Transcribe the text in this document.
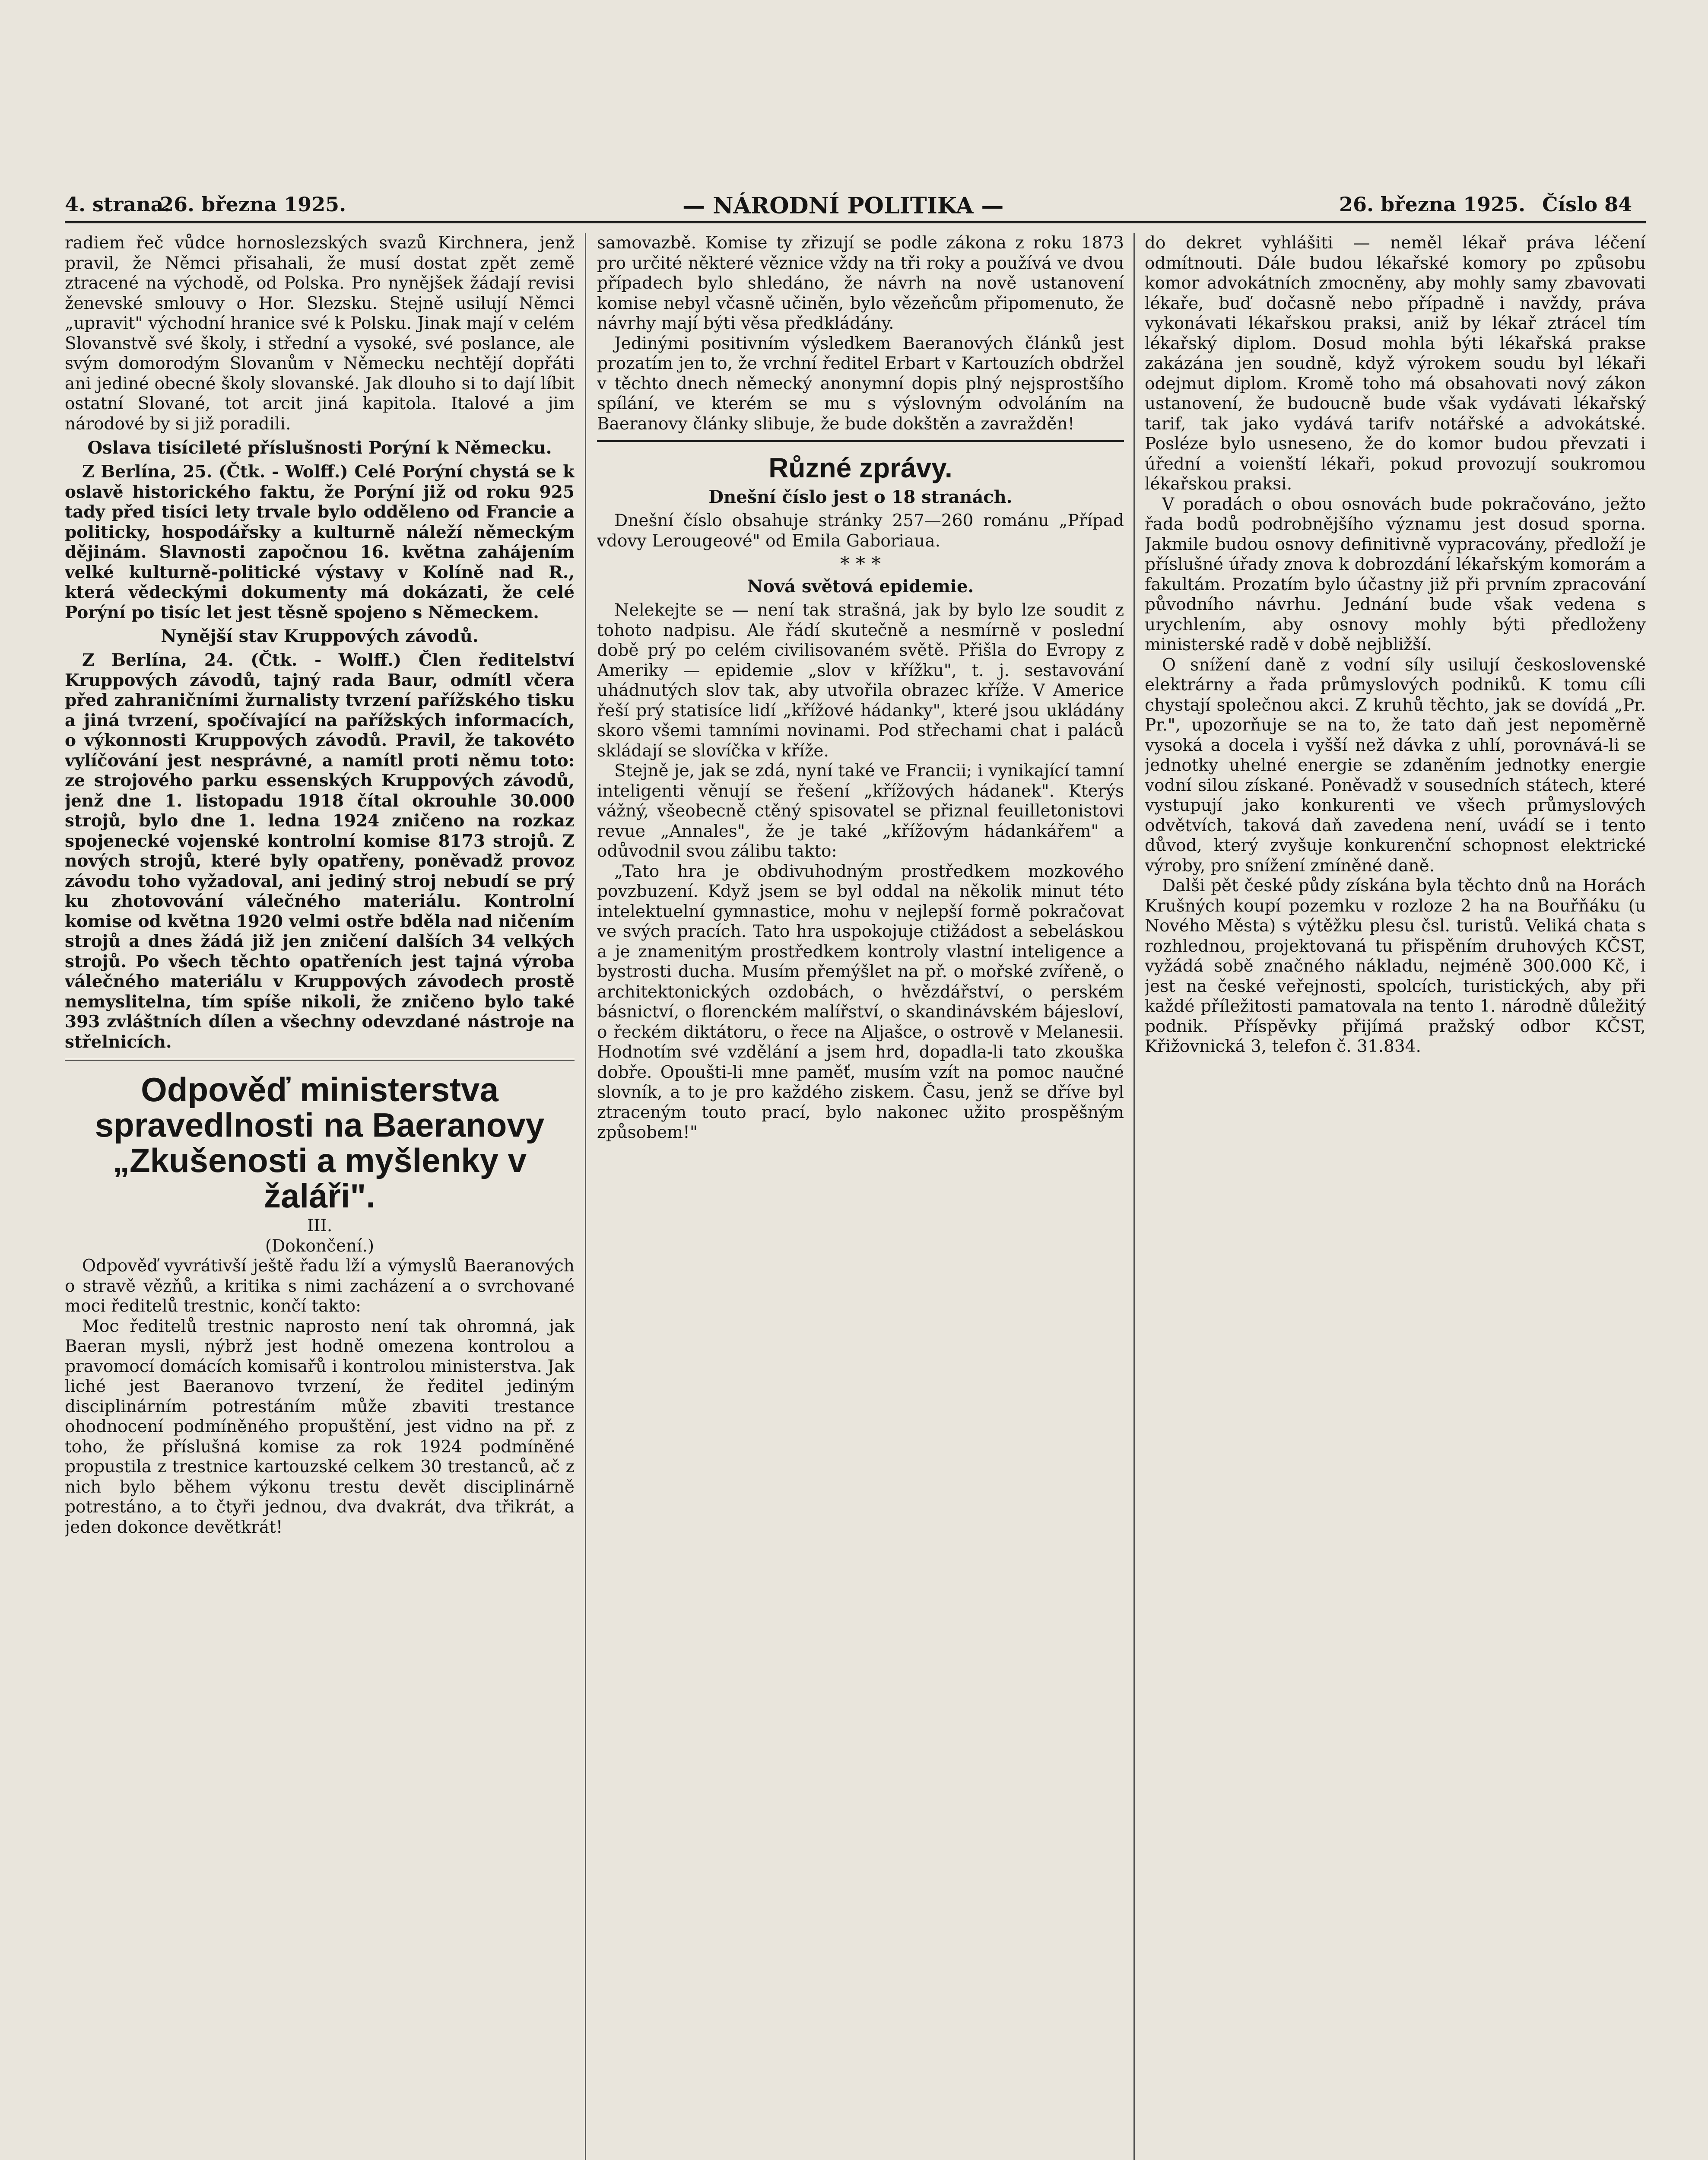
4. strana.
26. března 1925.	— NÁRODNÍ POLITIKA —	26. března 1925. Číslo 84

radiem řeč vůdce hornoslezských svazů Kirchnera, jenž pravil, že Němci přisahali, že musí dostat zpět země ztracené na východě, od Polska. Pro nynějšek žádají revisi ženevské smlouvy o Hor. Slezsku. Stejně usilují Němci „upravit" východní hranice své k Polsku. Jinak mají v celém Slovanstvě své školy, i střední a vysoké, své poslance, ale svým domorodým Slovanům v Německu nechtějí dopřáti ani jediné obecné školy slovanské. Jak dlouho si to dají líbit ostatní Slované, tot arcit jiná kapitola. Italové a jim národové by si již poradili.

Oslava tisícileté příslušnosti Porýní k Německu.

Z Berlína, 25. (Čtk. - Wolff.) Celé Porýní chystá se k oslavě historického faktu, že Porýní již od roku 925 tady před tisíci lety trvale bylo odděleno od Francie a politicky, hospodářsky a kulturně náleží německým dějinám. Slavnosti započnou 16. května zahájením velké kulturně-politické výstavy v Kolíně nad R., která vědeckými dokumenty má dokázati, že celé Porýní po tisíc let jest těsně spojeno s Německem.

Nynější stav Kruppových závodů.

Z Berlína, 24. (Čtk. - Wolff.) Člen ředitelství Kruppových závodů, tajný rada Baur, odmítl včera před zahraničními žurnalisty tvrzení pařížského tisku a jiná tvrzení, spočívající na pařížských informacích, o výkonnosti Kruppových závodů. Pravil, že takovéto vylíčování jest nesprávné, a namítl proti němu toto: ze strojového parku essenských Kruppových závodů, jenž dne 1. listopadu 1918 čítal okrouhle 30.000 strojů, bylo dne 1. ledna 1924 zničeno na rozkaz spojenecké vojenské kontrolní komise 8173 strojů. Z nových strojů, které byly opatřeny, poněvadž provoz závodu toho vyžadoval, ani jediný stroj nebudí se prý ku zhotovování válečného materiálu. Kontrolní komise od května 1920 velmi ostře bděla nad ničením strojů a dnes žádá již jen zničení dalších 34 velkých strojů. Po všech těchto opatřeních jest tajná výroba válečného materiálu v Kruppových závodech prostě nemyslitelna, tím spíše nikoli, že zničeno bylo také 393 zvláštních dílen a všechny odevzdané nástroje na střelnicích.

Odpověď ministerstva spravedlnosti na Baeranovy „Zkušenosti a myšlenky v žaláři".

III.

(Dokončení.)

Odpověď vyvrátivší ještě řadu lží a výmyslů Baeranových o stravě vězňů, a kritika s nimi zacházení a o svrchované moci ředitelů trestnic, končí takto:

Moc ředitelů trestnic naprosto není tak ohromná, jak Baeran mysli, nýbrž jest hodně omezena kontrolou a pravomocí domácích komisařů i kontrolou ministerstva. Jak liché jest Baeranovo tvrzení, že ředitel jediným disciplinárním potrestáním může zbaviti trestance ohodnocení podmíněného propuštění, jest vidno na př. z toho, že příslušná komise za rok 1924 podmíněné propustila z trestnice kartouzské celkem 30 trestanců, ač z nich bylo během výkonu trestu devět disciplinárně potrestáno, a to čtyři jednou, dva dvakrát, dva třikrát, a jeden dokonce devětkrát!

samovazbě. Komise ty zřizují se podle zákona z roku 1873 pro určité některé věznice vždy na tři roky a používá ve dvou případech bylo shledáno, že návrh na nově ustanovení komise nebyl včasně učiněn, bylo vězeňcům připomenuto, že návrhy mají býti věsa předkládány.

Jedinými positivním výsledkem Baeranových článků jest prozatím jen to, že vrchní ředitel Erbart v Kartouzích obdržel v těchto dnech německý anonymní dopis plný nejsprostšího spílání, ve kterém se mu s výslovným odvoláním na Baeranovy články slibuje, že bude dokštěn a zavražděn!

Různé zprávy.
Dnešní číslo jest o 18 stranách.

Dnešní číslo obsahuje stránky 257—260 románu „Případ vdovy Lerougeové" od Emila Gaboriaua.

* * *
Nová světová epidemie.

Nelekejte se — není tak strašná, jak by bylo lze soudit z tohoto nadpisu. Ale řádí skutečně a nesmírně v poslední době prý po celém civilisovaném světě. Přišla do Evropy z Ameriky — epidemie „slov v křížku", t. j. sestavování uhádnutých slov tak, aby utvořila obrazec kříže. V Americe řeší prý statisíce lidí „křížové hádanky", které jsou ukládány skoro všemi tamními novinami. Pod střechami chat i paláců skládají se slovíčka v kříže.

Stejně je, jak se zdá, nyní také ve Francii; i vynikající tamní inteligenti věnují se řešení „křížových hádanek". Kterýs vážný, všeobecně ctěný spisovatel se přiznal feuilletonistovi revue „Annales", že je také „křížovým hádankářem" a odůvodnil svou zálibu takto:

„Tato hra je obdivuhodným prostředkem mozkového povzbuzení. Když jsem se byl oddal na několik minut této intelektuelní gymnastice, mohu v nejlepší formě pokračovat ve svých pracích. Tato hra uspokojuje ctižádost a sebeláskou a je znamenitým prostředkem kontroly vlastní inteligence a bystrosti ducha. Musím přemýšlet na př. o mořské zvířeně, o architektonických ozdobách, o hvězdářství, o perském básnictví, o florenckém malířství, o skandinávském bájesloví, o řeckém diktátoru, o řece na Aljašce, o ostrově v Melanesii. Hodnotím své vzdělání a jsem hrd, dopadla-li tato zkouška dobře. Opoušti-li mne paměť, musím vzít na pomoc naučné slovník, a to je pro každého ziskem. Času, jenž se dříve byl ztraceným touto prací, bylo nakonec užito prospěšným způsobem!"

do dekret vyhlášiti — neměl lékař práva léčení odmítnouti. Dále budou lékařské komory po způsobu komor advokátních zmocněny, aby mohly samy zbavovati lékaře, buď dočasně nebo případně i navždy, práva vykonávati lékařskou praksi, aniž by lékař ztrácel tím lékařský diplom. Dosud mohla býti lékařská prakse zakázána jen soudně, když výrokem soudu byl lékaři odejmut diplom. Kromě toho má obsahovati nový zákon ustanovení, že budoucně bude však vydávati lékařský tarif, tak jako vydává tarifv notářské a advokátské. Posléze bylo usneseno, že do komor budou převzati i úřední a voienští lékaři, pokud provozují soukromou lékařskou praksi.

V poradách o obou osnovách bude pokračováno, ježto řada bodů podrobnějšího významu jest dosud sporna. Jakmile budou osnovy definitivně vypracovány, předloží je příslušné úřady znova k dobrozdání lékařským komorám a fakultám. Prozatím bylo účastny již při prvním zpracování původního návrhu. Jednání bude však vedena s urychlením, aby osnovy mohly býti předloženy ministerské radě v době nejbližší.

O snížení daně z vodní síly usilují československé elektrárny a řada průmyslových podniků. K tomu cíli chystají společnou akci. Z kruhů těchto, jak se dovídá „Pr. Pr.", upozorňuje se na to, že tato daň jest nepoměrně vysoká a docela i vyšší než dávka z uhlí, porovnává-li se jednotky uhelné energie se zdaněním jednotky energie vodní silou získané. Poněvadž v sousedních státech, které vystupují jako konkurenti ve všech průmyslových odvětvích, taková daň zavedena není, uvádí se i tento důvod, který zvyšuje konkurenční schopnost elektrické výroby, pro snížení zmíněné daně.

Dalši pět české půdy získána byla těchto dnů na Horách Krušných koupí pozemku v rozloze 2 ha na Bouřňáku (u Nového Města) s výtěžku plesu čsl. turistů. Veliká chata s rozhlednou, projektovaná tu přispěním druhových KČST, vyžádá sobě značného nákladu, nejméně 300.000 Kč, i jest na české veřejnosti, spolcích, turistických, aby při každé příležitosti pamatovala na tento 1. národně důležitý podnik. Příspěvky přijímá pražský odbor KČST, Křižovnická 3, telefon č. 31.834.
